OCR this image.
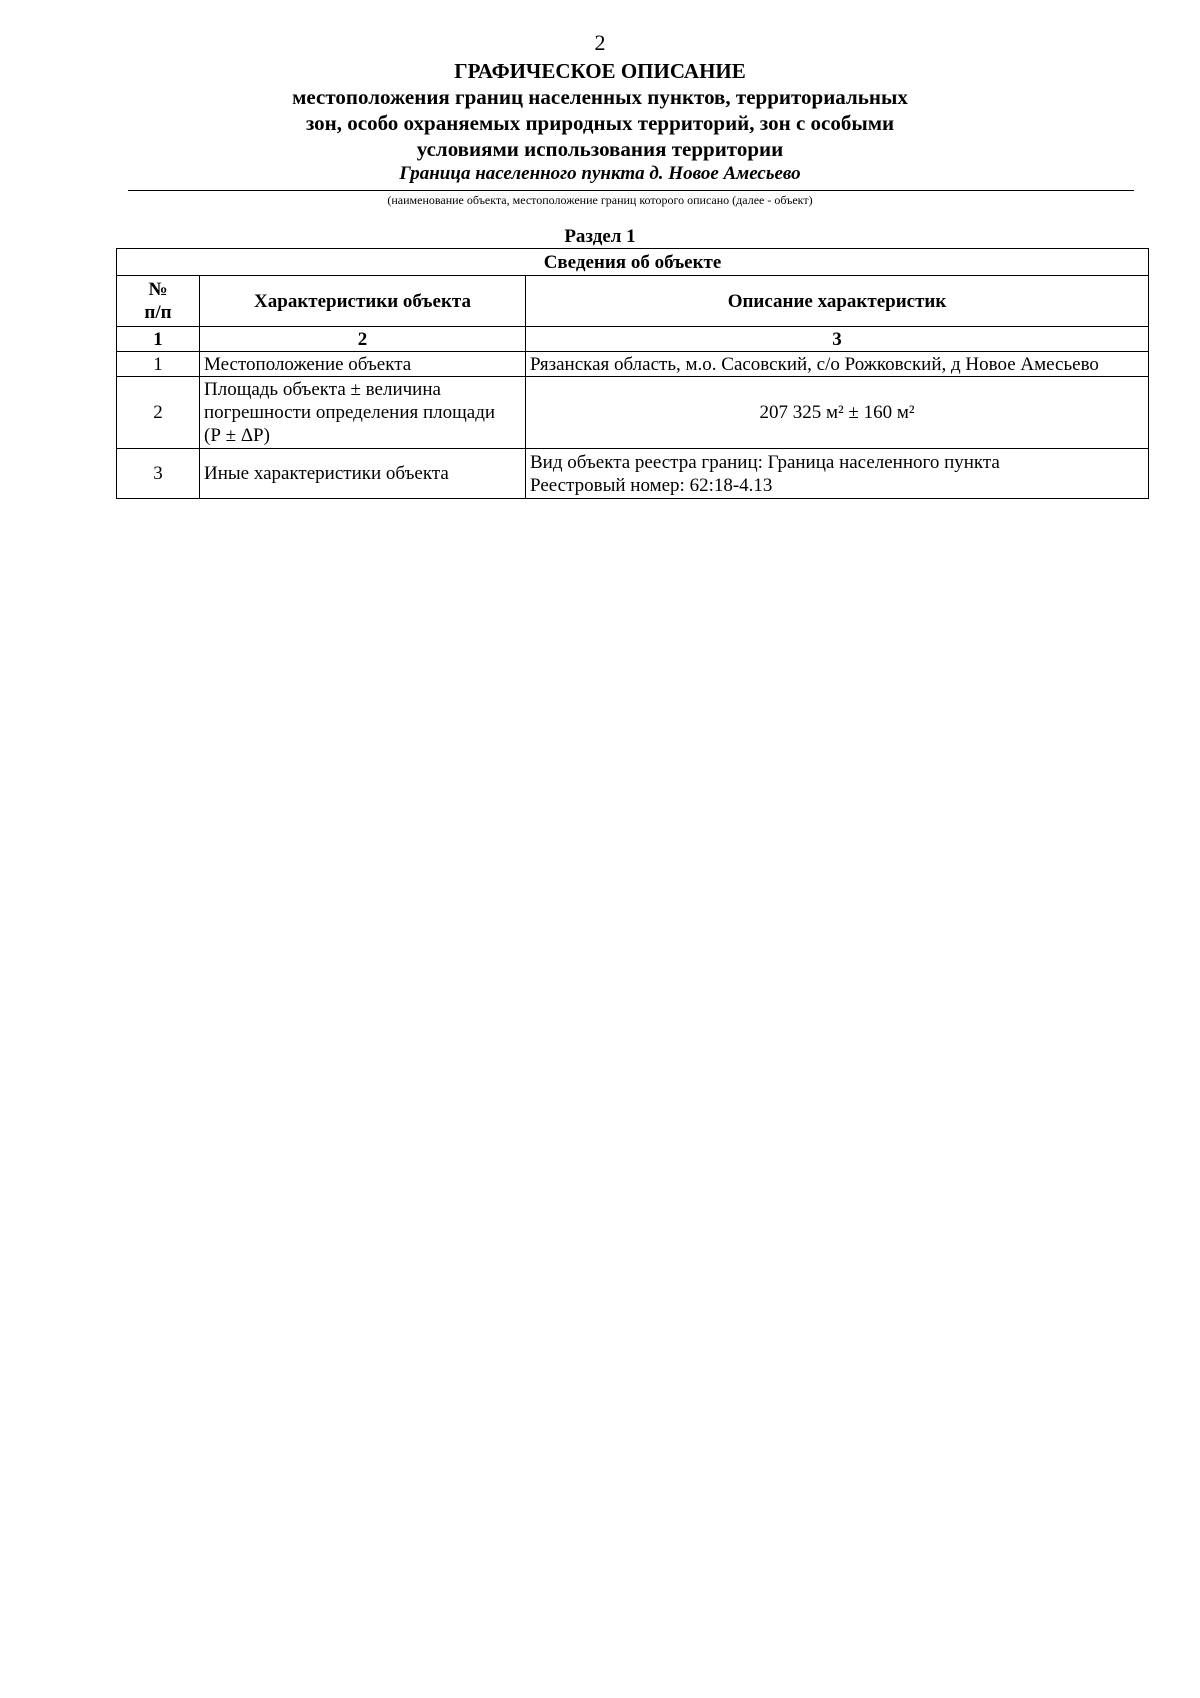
2
ГРАФИЧЕСКОЕ ОПИСАНИЕ
местоположения границ населенных пунктов, территориальных
зон, особо охраняемых природных территорий, зон с особыми
условиями использования территории
Граница населенного пункта д. Новое Амесьево
(наименование объекта, местоположение границ которого описано (далее - объект)
Раздел 1
Сведения об объекте		

№
п/п	Характеристики объекта	Описание характеристик
1	2	3
1	Местоположение объекта	Рязанская область, м.о. Сасовский, с/о Рожковский, д Новое Амесьево

2	Площадь объекта ± величина
погрешности определения площади
(Р ± ΔР)	207 325 м² ± 160 м²
3	Иные характеристики объекта	Вид объекта реестра границ: Граница населенного пункта
Реестровый номер: 62:18-4.13
